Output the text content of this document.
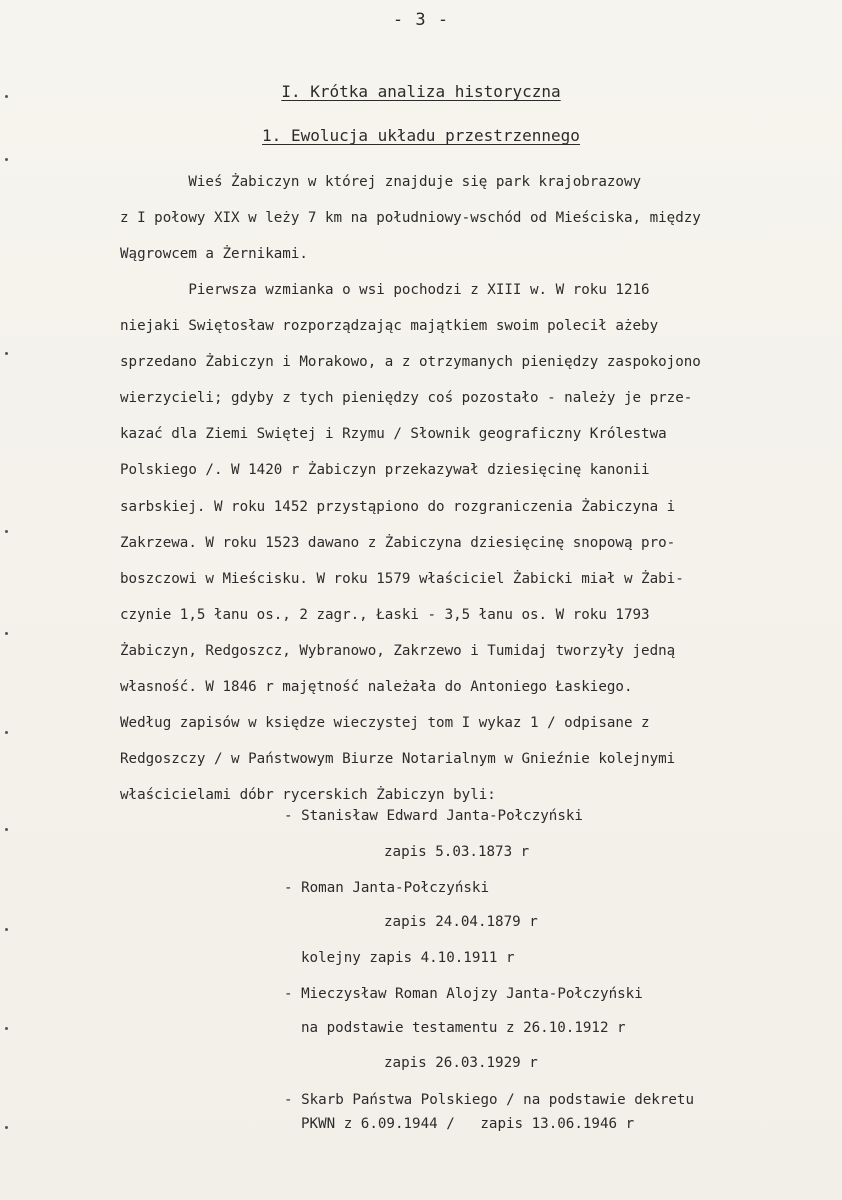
- 3 -
I. Krótka analiza historyczna
1. Ewolucja układu przestrzennego
Wieś Żabiczyn w której znajduje się park krajobrazowy
z I połowy XIX w leży 7 km na południowy-wschód od Mieściska, między
Wągrowcem a Żernikami.
Pierwsza wzmianka o wsi pochodzi z XIII w. W roku 1216
niejaki Swiętosław rozporządzając majątkiem swoim polecił ażeby
sprzedano Żabiczyn i Morakowo, a z otrzymanych pieniędzy zaspokojono
wierzycieli; gdyby z tych pieniędzy coś pozostało - należy je prze-
kazać dla Ziemi Swiętej i Rzymu / Słownik geograficzny Królestwa
Polskiego /. W 1420 r Żabiczyn przekazywał dziesięcinę kanonii
sarbskiej. W roku 1452 przystąpiono do rozgraniczenia Żabiczyna i
Zakrzewa. W roku 1523 dawano z Żabiczyna dziesięcinę snopową pro-
boszczowi w Mieścisku. W roku 1579 właściciel Żabicki miał w Żabi-
czynie 1,5 łanu os., 2 zagr., Łaski - 3,5 łanu os. W roku 1793
Żabiczyn, Redgoszcz, Wybranowo, Zakrzewo i Tumidaj tworzyły jedną
własność. W 1846 r majętność należała do Antoniego Łaskiego.
Według zapisów w księdze wieczystej tom I wykaz 1 / odpisane z
Redgoszczy / w Państwowym Biurze Notarialnym w Gnieźnie kolejnymi
właścicielami dóbr rycerskich Żabiczyn byli:
- Stanisław Edward Janta-Połczyński
zapis 5.03.1873 r
- Roman Janta-Połczyński
zapis 24.04.1879 r
kolejny zapis 4.10.1911 r
- Mieczysław Roman Alojzy Janta-Połczyński
na podstawie testamentu z 26.10.1912 r
zapis 26.03.1929 r
- Skarb Państwa Polskiego / na podstawie dekretu
PKWN z 6.09.1944 /   zapis 13.06.1946 r
